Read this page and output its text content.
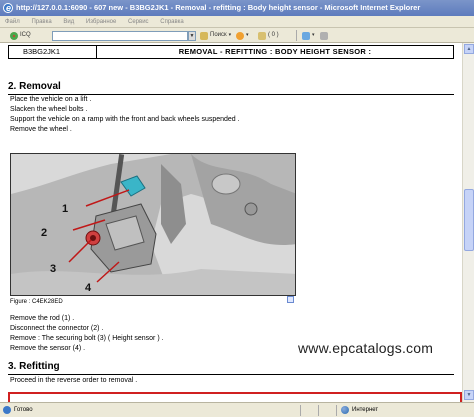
e
http://127.0.0.1:6090 - 607 new - B3BG2JK1 - Removal - refitting : Body height sensor - Microsoft Internet Explorer
Файл Правка Вид Избранное Сервис Справка
ICQ	▼	Поиск ▾	▾	( 0 )	▾
B3BG2JK1	REMOVAL - REFITTING : BODY HEIGHT SENSOR :
2. Removal
Place the vehicle on a lift .
Slacken the wheel bolts .
Support the vehicle on a ramp with the front and back wheels suspended .
Remove the wheel .
1
2
3
4
Figure : C4EK28ED
Remove the rod (1) .
Disconnect the connector (2) .
Remove : The securing bolt (3) ( Height sensor ) .
Remove the sensor (4) .
3. Refitting
Proceed in the reverse order to removal .
www.epcatalogs.com
▲
▼
Готово	Интернет
